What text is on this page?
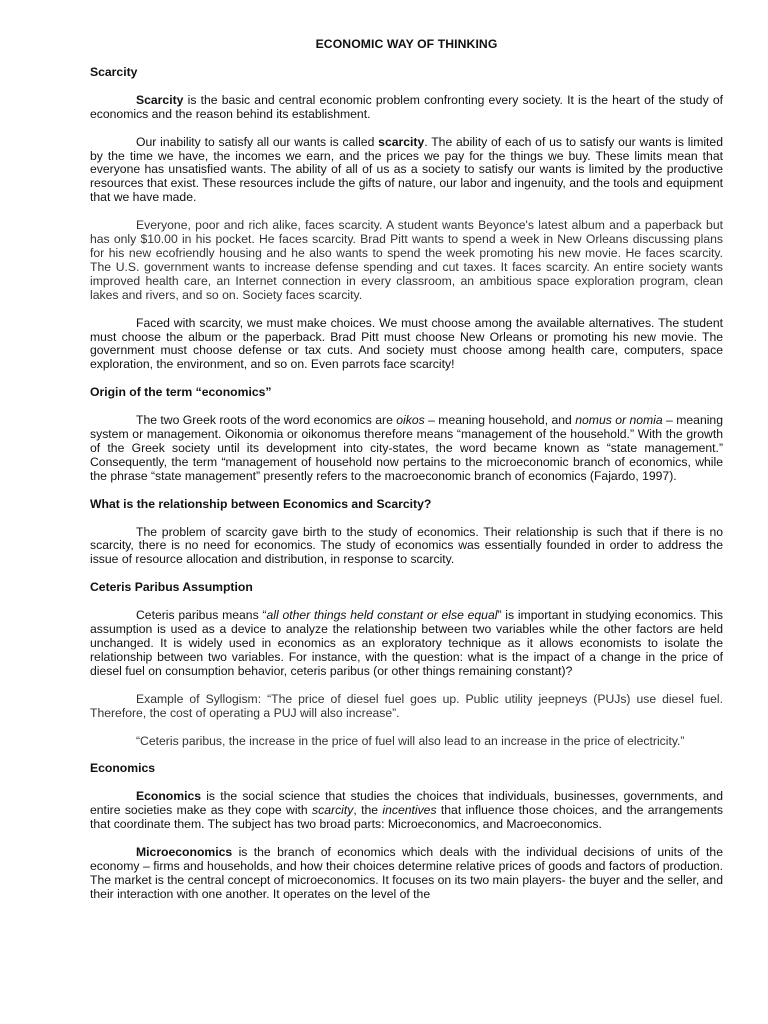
ECONOMIC WAY OF THINKING
Scarcity

Scarcity is the basic and central economic problem confronting every society. It is the heart of the study of economics and the reason behind its establishment.

Our inability to satisfy all our wants is called scarcity. The ability of each of us to satisfy our wants is limited by the time we have, the incomes we earn, and the prices we pay for the things we buy. These limits mean that everyone has unsatisfied wants. The ability of all of us as a society to satisfy our wants is limited by the productive resources that exist. These resources include the gifts of nature, our labor and ingenuity, and the tools and equipment that we have made.

Everyone, poor and rich alike, faces scarcity. A student wants Beyonce's latest album and a paperback but has only $10.00 in his pocket. He faces scarcity. Brad Pitt wants to spend a week in New Orleans discussing plans for his new ecofriendly housing and he also wants to spend the week promoting his new movie. He faces scarcity. The U.S. government wants to increase defense spending and cut taxes. It faces scarcity. An entire society wants improved health care, an Internet connection in every classroom, an ambitious space exploration program, clean lakes and rivers, and so on. Society faces scarcity.

Faced with scarcity, we must make choices. We must choose among the available alternatives. The student must choose the album or the paperback. Brad Pitt must choose New Orleans or promoting his new movie. The government must choose defense or tax cuts. And society must choose among health care, computers, space exploration, the environment, and so on. Even parrots face scarcity!

Origin of the term “economics”

The two Greek roots of the word economics are oikos – meaning household, and nomus or nomia – meaning system or management. Oikonomia or oikonomus therefore means “management of the household.” With the growth of the Greek society until its development into city-states, the word became known as “state management.” Consequently, the term “management of household now pertains to the microeconomic branch of economics, while the phrase “state management” presently refers to the macroeconomic branch of economics (Fajardo, 1997).

What is the relationship between Economics and Scarcity?

The problem of scarcity gave birth to the study of economics. Their relationship is such that if there is no scarcity, there is no need for economics. The study of economics was essentially founded in order to address the issue of resource allocation and distribution, in response to scarcity.

Ceteris Paribus Assumption

Ceteris paribus means “all other things held constant or else equal” is important in studying economics. This assumption is used as a device to analyze the relationship between two variables while the other factors are held unchanged. It is widely used in economics as an exploratory technique as it allows economists to isolate the relationship between two variables. For instance, with the question: what is the impact of a change in the price of diesel fuel on consumption behavior, ceteris paribus (or other things remaining constant)?

Example of Syllogism: “The price of diesel fuel goes up. Public utility jeepneys (PUJs) use diesel fuel. Therefore, the cost of operating a PUJ will also increase”.

“Ceteris paribus, the increase in the price of fuel will also lead to an increase in the price of electricity.”

Economics

Economics is the social science that studies the choices that individuals, businesses, governments, and entire societies make as they cope with scarcity, the incentives that influence those choices, and the arrangements that coordinate them. The subject has two broad parts: Microeconomics, and Macroeconomics.

Microeconomics is the branch of economics which deals with the individual decisions of units of the economy – firms and households, and how their choices determine relative prices of goods and factors of production. The market is the central concept of microeconomics. It focuses on its two main players- the buyer and the seller, and their interaction with one another. It operates on the level of the
